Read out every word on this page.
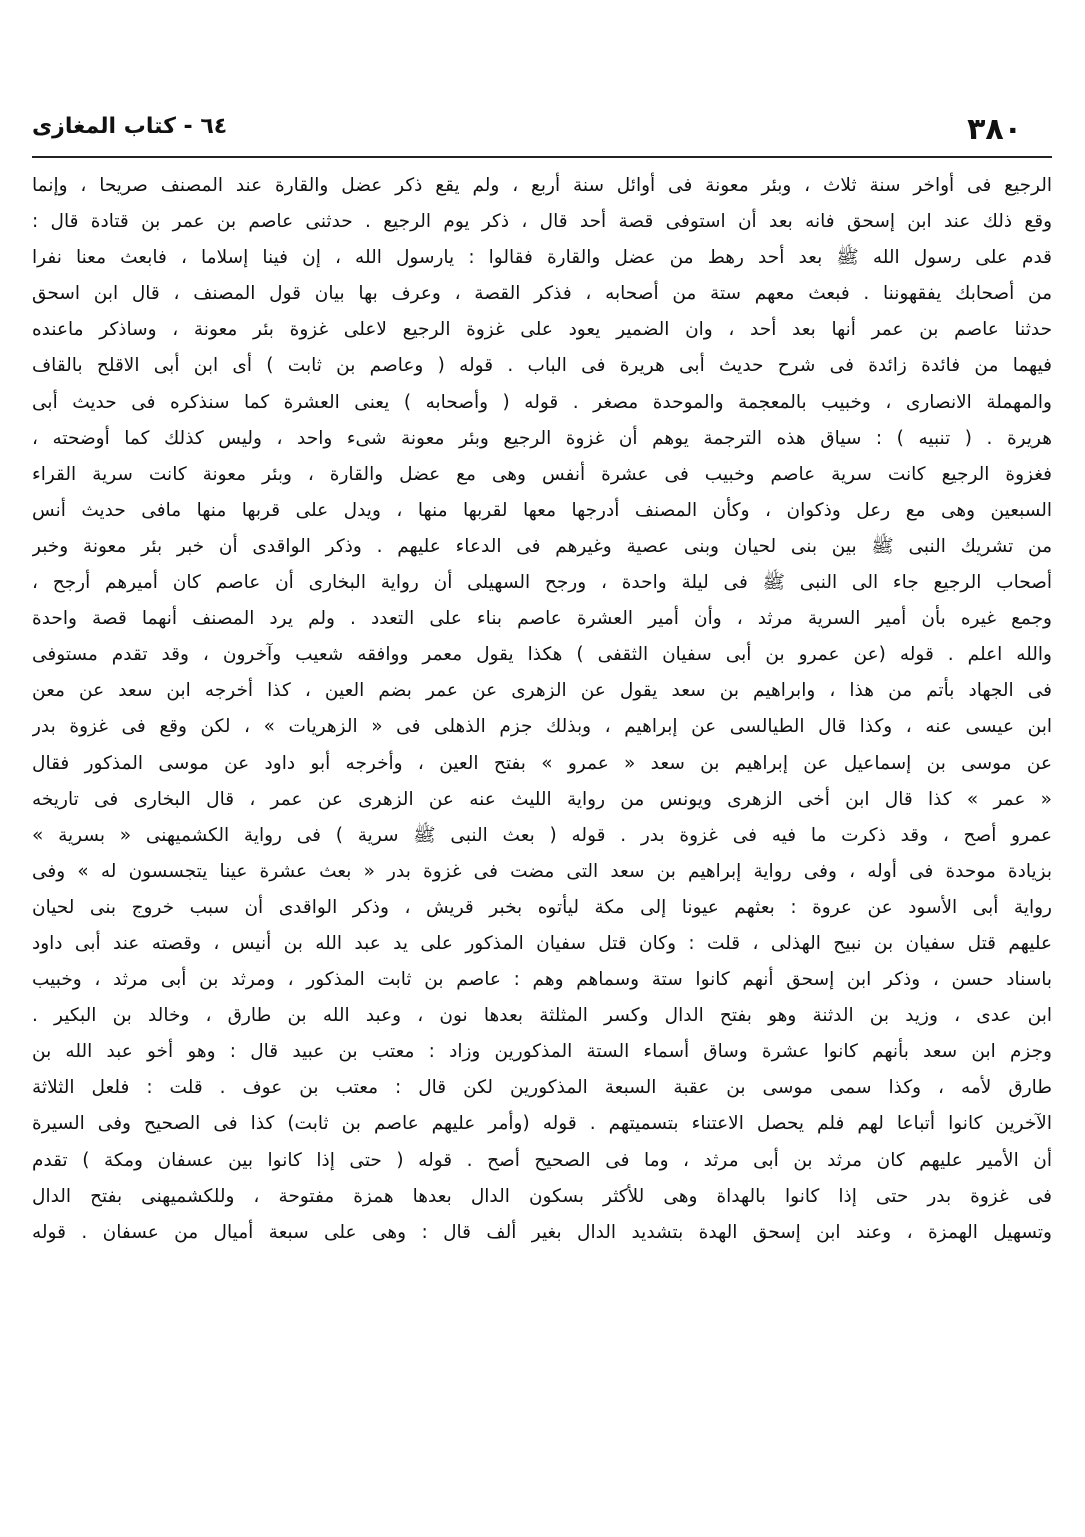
٣٨٠
٦٤ - كتاب المغازى
الرجيع فى أواخر سنة ثلاث ، وبئر معونة فى أوائل سنة أربع ، ولم يقع ذكر عضل والقارة عند المصنف صريحا ، وإنما
وقع ذلك عند ابن إسحق فانه بعد أن استوفى قصة أحد قال ، ذكر يوم الرجيع . حدثنى عاصم بن عمر بن قتادة قال :
قدم على رسول الله ﷺ بعد أحد رهط من عضل والقارة فقالوا : يارسول الله ، إن فينا إسلاما ، فابعث معنا نفرا
من أصحابك يفقهوننا . فبعث معهم ستة من أصحابه ، فذكر القصة ، وعرف بها بيان قول المصنف ، قال ابن اسحق
حدثنا عاصم بن عمر أنها بعد أحد ، وان الضمير يعود على غزوة الرجيع لاعلى غزوة بئر معونة ، وساذكر ماعنده
فيهما من فائدة زائدة فى شرح حديث أبى هريرة فى الباب . قوله ( وعاصم بن ثابت ) أى ابن أبى الاقلح بالقاف
والمهملة الانصارى ، وخبيب بالمعجمة والموحدة مصغر . قوله ( وأصحابه ) يعنى العشرة كما سنذكره فى حديث أبى
هريرة . ( تنبيه ) : سياق هذه الترجمة يوهم أن غزوة الرجيع وبئر معونة شىء واحد ، وليس كذلك كما أوضحته ،
فغزوة الرجيع كانت سرية عاصم وخبيب فى عشرة أنفس وهى مع عضل والقارة ، وبئر معونة كانت سرية القراء
السبعين وهى مع رعل وذكوان ، وكأن المصنف أدرجها معها لقربها منها ، ويدل على قربها منها مافى حديث أنس
من تشريك النبى ﷺ بين بنى لحيان وبنى عصية وغيرهم فى الدعاء عليهم . وذكر الواقدى أن خبر بئر معونة وخبر
أصحاب الرجيع جاء الى النبى ﷺ فى ليلة واحدة ، ورجح السهيلى أن رواية البخارى أن عاصم كان أميرهم أرجح ،
وجمع غيره بأن أمير السرية مرثد ، وأن أمير العشرة عاصم بناء على التعدد . ولم يرد المصنف أنهما قصة واحدة
والله اعلم . قوله (عن عمرو بن أبى سفيان الثقفى ) هكذا يقول معمر ووافقه شعيب وآخرون ، وقد تقدم مستوفى
فى الجهاد بأتم من هذا ، وابراهيم بن سعد يقول عن الزهرى عن عمر بضم العين ، كذا أخرجه ابن سعد عن معن
ابن عيسى عنه ، وكذا قال الطيالسى عن إبراهيم ، وبذلك جزم الذهلى فى « الزهريات » ، لكن وقع فى غزوة بدر
عن موسى بن إسماعيل عن إبراهيم بن سعد « عمرو » بفتح العين ، وأخرجه أبو داود عن موسى المذكور فقال
« عمر » كذا قال ابن أخى الزهرى ويونس من رواية الليث عنه عن الزهرى عن عمر ، قال البخارى فى تاريخه
عمرو أصح ، وقد ذكرت ما فيه فى غزوة بدر . قوله ( بعث النبى ﷺ سرية ) فى رواية الكشميهنى « بسرية »
بزيادة موحدة فى أوله ، وفى رواية إبراهيم بن سعد التى مضت فى غزوة بدر « بعث عشرة عينا يتجسسون له » وفى
رواية أبى الأسود عن عروة : بعثهم عيونا إلى مكة ليأتوه بخبر قريش ، وذكر الواقدى أن سبب خروج بنى لحيان
عليهم قتل سفيان بن نبيح الهذلى ، قلت : وكان قتل سفيان المذكور على يد عبد الله بن أنيس ، وقصته عند أبى داود
باسناد حسن ، وذكر ابن إسحق أنهم كانوا ستة وسماهم وهم : عاصم بن ثابت المذكور ، ومرثد بن أبى مرثد ، وخبيب
ابن عدى ، وزيد بن الدثنة وهو بفتح الدال وكسر المثلثة بعدها نون ، وعبد الله بن طارق ، وخالد بن البكير .
وجزم ابن سعد بأنهم كانوا عشرة وساق أسماء الستة المذكورين وزاد : معتب بن عبيد قال : وهو أخو عبد الله بن
طارق لأمه ، وكذا سمى موسى بن عقبة السبعة المذكورين لكن قال : معتب بن عوف . قلت : فلعل الثلاثة
الآخرين كانوا أتباعا لهم فلم يحصل الاعتناء بتسميتهم . قوله (وأمر عليهم عاصم بن ثابت) كذا فى الصحيح وفى السيرة
أن الأمير عليهم كان مرثد بن أبى مرثد ، وما فى الصحيح أصح . قوله ( حتى إذا كانوا بين عسفان ومكة ) تقدم
فى غزوة بدر حتى إذا كانوا بالهداة وهى للأكثر بسكون الدال بعدها همزة مفتوحة ، وللكشميهنى بفتح الدال
وتسهيل الهمزة ، وعند ابن إسحق الهدة بتشديد الدال بغير ألف قال : وهى على سبعة أميال من عسفان . قوله
